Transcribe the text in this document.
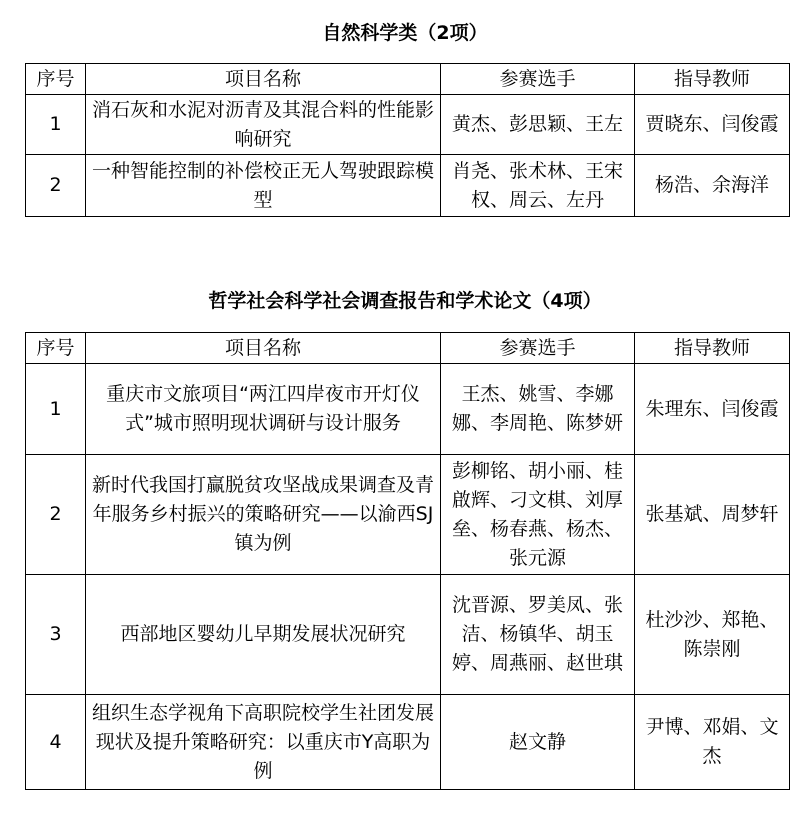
自然科学类（2项）
序号	项目名称	参赛选手	指导教师
1	消石灰和水泥对沥青及其混合料的性能影响研究	黄杰、彭思颖、王左	贾晓东、闫俊霞
2	一种智能控制的补偿校正无人驾驶跟踪模型	肖尧、张术林、王宋权、周云、左丹	杨浩、余海洋
哲学社会科学社会调查报告和学术论文（4项）
序号	项目名称	参赛选手	指导教师
1	重庆市文旅项目“两江四岸夜市开灯仪式”城市照明现状调研与设计服务	王杰、姚雪、李娜娜、李周艳、陈梦妍	朱理东、闫俊霞
2	新时代我国打赢脱贫攻坚战成果调查及青年服务乡村振兴的策略研究——以渝西SJ镇为例	彭柳铭、胡小丽、桂啟辉、刁文棋、刘厚垒、杨春燕、杨杰、张元源	张基斌、周梦轩
3	西部地区婴幼儿早期发展状况研究	沈晋源、罗美凤、张洁、杨镇华、胡玉婷、周燕丽、赵世琪	杜沙沙、郑艳、陈崇刚
4	组织生态学视角下高职院校学生社团发展现状及提升策略研究：以重庆市Y高职为例	赵文静	尹博、邓娟、文杰
